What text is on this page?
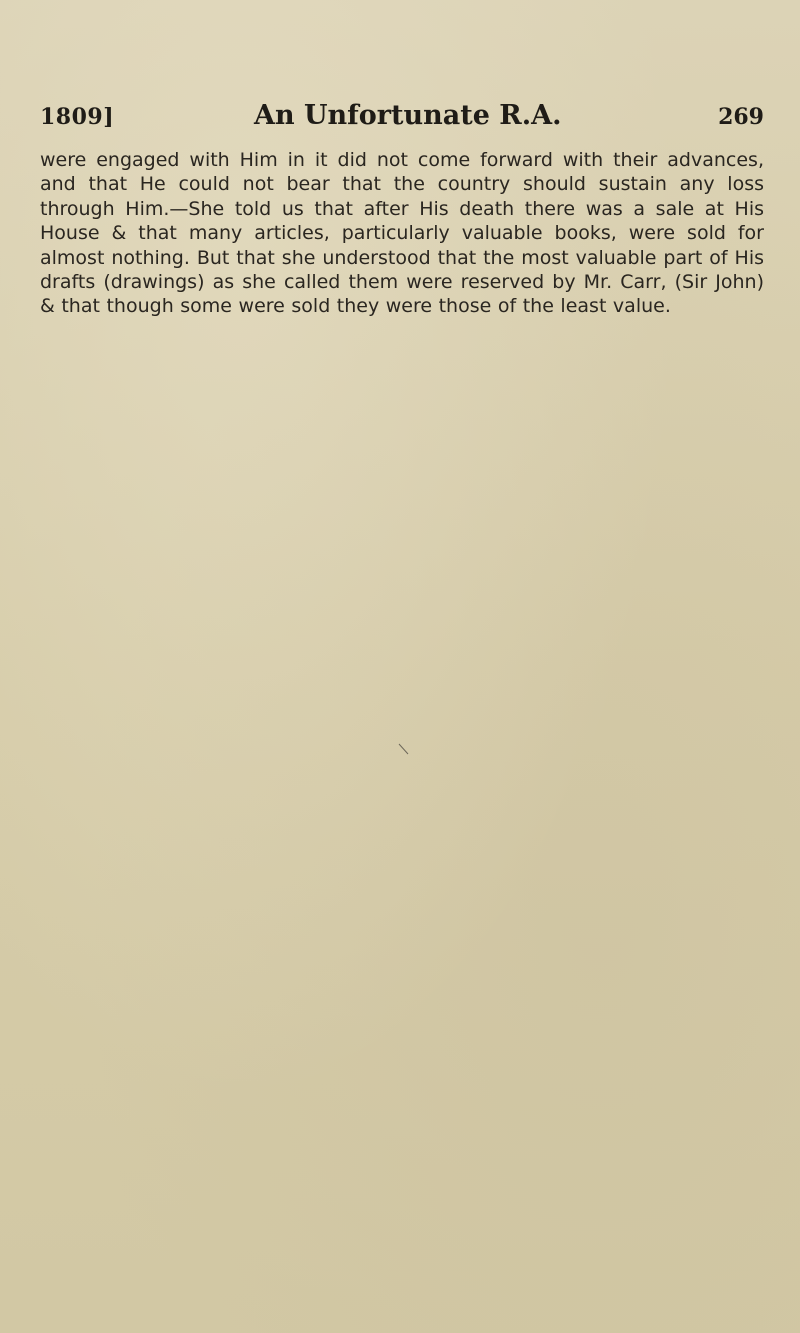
1809]	An Unfortunate R.A.	269

were engaged with Him in it did not come forward with their advances, and that He could not bear that the country should sustain any loss through Him.—She told us that after His death there was a sale at His House & that many articles, particularly valuable books, were sold for almost nothing. But that she understood that the most valuable part of His drafts (drawings) as she called them were reserved by Mr. Carr, (Sir John) & that though some were sold they were those of the least value.
